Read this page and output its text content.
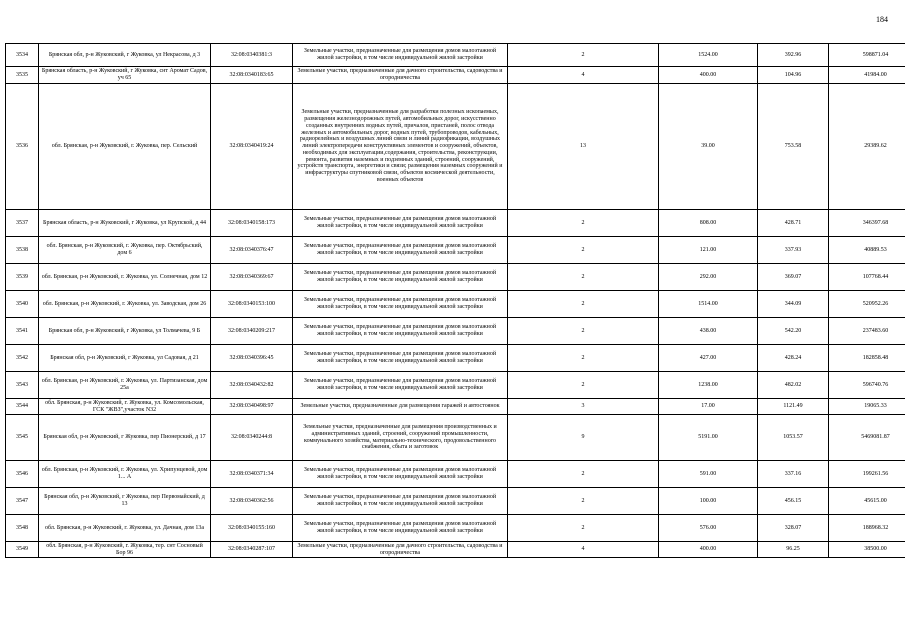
184
3534	Брянская обл, р-н Жуковский, г Жуковка, ул Некрасова, д 3	32:08:0340381:3	Земельные участки, предназначенные для размещения домов малоэтажной жилой застройки, в том числе индивидуальной жилой застройки	2	1524.00	392.96	598871.04
3535	Брянская область, р-н Жуковский, г Жуковка, снт Аромат Садов, уч 65	32:08:0340183:65	Земельные участки, предназначенные для дачного строительства, садоводства и огородничества	4	400.00	104.96	41984.00
3536	обл. Брянская, р-н Жуковский, г. Жуковка, пер. Сельский	32:08:0340419:24	Земельные участки, предназначенные для разработки полезных ископаемых, размещения железнодорожных путей, автомобильных дорог, искусственно созданных внутренних водных путей, причалов, пристаней, полос отвода железных и автомобильных дорог, водных путей, трубопроводов, кабельных, радиорелейных и воздушных линий связи и линий радиофикации, воздушных линий электропередачи конструктивных элементов и сооружений, объектов, необходимых для эксплуатации,содержания, строительства, реконструкции, ремонта, развития наземных и подземных зданий, строений, сооружений, устройств транспорта, энергетики и связи; размещения наземных сооружений и инфраструктуры спутниковой связи, объектов космической деятельности, военных объектов	13	39.00	753.58	29389.62
3537	Брянская область, р-н Жуковский, г Жуковка, ул Крупской, д 44	32:08:0340158:173	Земельные участки, предназначенные для размещения домов малоэтажной жилой застройки, в том числе индивидуальной жилой застройки	2	808.00	428.71	346397.68
3538	обл. Брянская, р-н Жуковский, г. Жуковка, пер. Октябрьский, дом 6	32:08:0340376:47	Земельные участки, предназначенные для размещения домов малоэтажной жилой застройки, в том числе индивидуальной жилой застройки	2	121.00	337.93	40889.53
3539	обл. Брянская, р-н Жуковский, г. Жуковка, ул. Солнечная, дом 12	32:08:0340369:67	Земельные участки, предназначенные для размещения домов малоэтажной жилой застройки, в том числе индивидуальной жилой застройки	2	292.00	369.07	107768.44
3540	обл. Брянская, р-н Жуковский, г. Жуковка, ул. Заводская, дом 26	32:08:0340153:100	Земельные участки, предназначенные для размещения домов малоэтажной жилой застройки, в том числе индивидуальной жилой застройки	2	1514.00	344.09	520952.26
3541	Брянская обл, р-н Жуковский, г Жуковка, ул Толмачева, 9 Б	32:08:0340209:217	Земельные участки, предназначенные для размещения домов малоэтажной жилой застройки, в том числе индивидуальной жилой застройки	2	438.00	542.20	237483.60
3542	Брянская обл, р-н Жуковский, г Жуковка, ул Садовая, д 21	32:08:0340396:45	Земельные участки, предназначенные для размещения домов малоэтажной жилой застройки, в том числе индивидуальной жилой застройки	2	427.00	428.24	182858.48
3543	обл. Брянская, р-н Жуковский, г. Жуковка, ул. Партизанская, дом 25а	32:08:0340432:82	Земельные участки, предназначенные для размещения домов малоэтажной жилой застройки, в том числе индивидуальной жилой застройки	2	1238.00	482.02	596740.76
3544	обл. Брянская, р-н Жуковский, г. Жуковка, ул. Комсомольская, ГСК "ЖВЗ",участок N32	32:08:0340498:97	Земельные участки, предназначенные для размещения гаражей и автостоянок	3	17.00	1121.49	19065.33
3545	Брянская обл, р-н Жуковский, г Жуковка, пер Пионерский, д 17	32:08:0340244:8	Земельные участки, предназначенные для размещения производственных и административных зданий, строений, сооружений промышленности, коммунального хозяйства, материально-технического, продовольственного снабжения, сбыта и заготовок	9	5191.00	1053.57	5469081.87
3546	обл. Брянская, р-н Жуковский, г. Жуковка, ул. Хрипунцевой, дом 1... А	32:08:0340371:34	Земельные участки, предназначенные для размещения домов малоэтажной жилой застройки, в том числе индивидуальной жилой застройки	2	591.00	337.16	199261.56
3547	Брянская обл, р-н Жуковский, г Жуковка, пер Первомайский, д 13	32:08:0340362:56	Земельные участки, предназначенные для размещения домов малоэтажной жилой застройки, в том числе индивидуальной жилой застройки	2	100.00	456.15	45615.00
3548	обл. Брянская, р-н Жуковский, г. Жуковка, ул. Дачная, дом 13а	32:08:0340155:160	Земельные участки, предназначенные для размещения домов малоэтажной жилой застройки, в том числе индивидуальной жилой застройки	2	576.00	328.07	188968.32
3549	обл. Брянская, р-н Жуковский, г. Жуковка, тер. снт Сосновый Бор 96	32:08:0340287:107	Земельные участки, предназначенные для дачного строительства, садоводства и огородничества	4	400.00	96.25	38500.00
